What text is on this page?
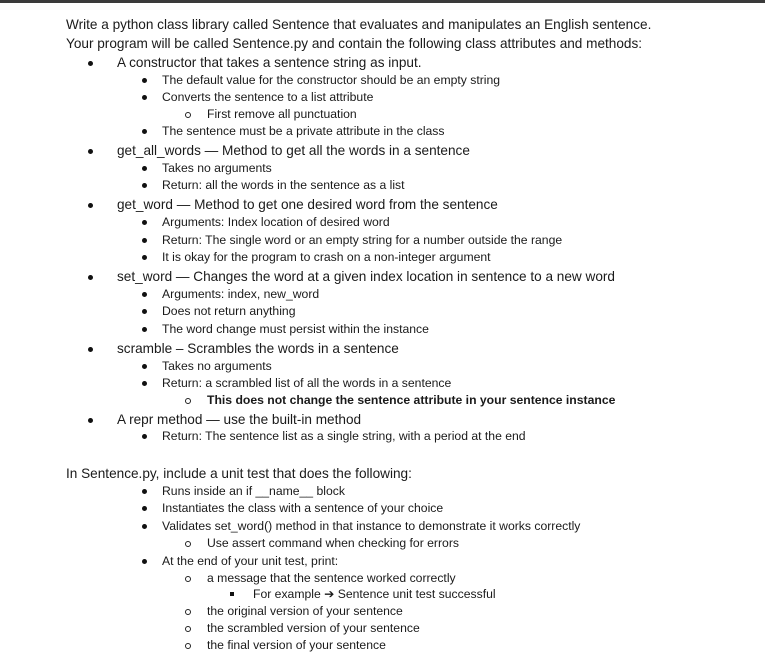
Write a python class library called Sentence that evaluates and manipulates an English sentence.
Your program will be called Sentence.py and contain the following class attributes and methods:
A constructor that takes a sentence string as input.
The default value for the constructor should be an empty string
Converts the sentence to a list attribute
First remove all punctuation
The sentence must be a private attribute in the class
get_all_words — Method to get all the words in a sentence
Takes no arguments
Return: all the words in the sentence as a list
get_word — Method to get one desired word from the sentence
Arguments: Index location of desired word
Return: The single word or an empty string for a number outside the range
It is okay for the program to crash on a non-integer argument
set_word — Changes the word at a given index location in sentence to a new word
Arguments: index, new_word
Does not return anything
The word change must persist within the instance
scramble – Scrambles the words in a sentence
Takes no arguments
Return: a scrambled list of all the words in a sentence
This does not change the sentence attribute in your sentence instance
A repr method — use the built-in method
Return: The sentence list as a single string, with a period at the end
In Sentence.py, include a unit test that does the following:
Runs inside an if __name__ block
Instantiates the class with a sentence of your choice
Validates set_word() method in that instance to demonstrate it works correctly
Use assert command when checking for errors
At the end of your unit test, print:
a message that the sentence worked correctly
For example ➔ Sentence unit test successful
the original version of your sentence
the scrambled version of your sentence
the final version of your sentence
